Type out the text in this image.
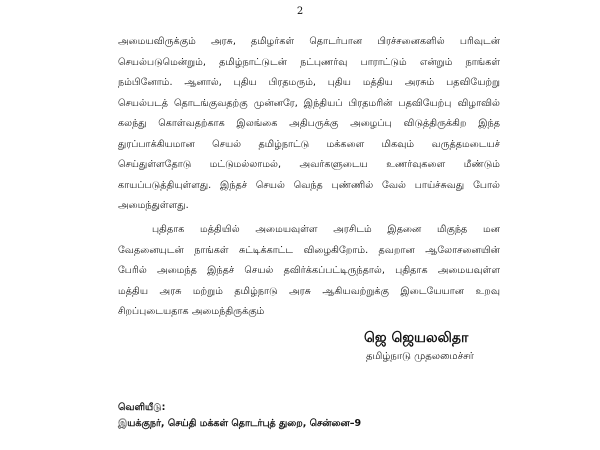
2
அமையவிருக்கும் அரசு, தமிழர்கள் தொடர்பான பிரச்சனைகளில் பரிவுடன்
செயல்படுமென்றும், தமிழ்நாட்டுடன் நட்புணர்வு பாராட்டும் என்றும் நாங்கள்
நம்பினோம். ஆனால், புதிய பிரதமரும், புதிய மத்திய அரசும் பதவியேற்று
செயல்படத் தொடங்குவதற்கு முன்னரே, இந்தியப் பிரதமரின் பதவியேற்பு விழாவில்
கலந்து கொள்வதற்காக இலங்கை அதிபருக்கு அழைப்பு விடுத்திருக்கிற இந்த
துரப்பாக்கியமான செயல் தமிழ்நாட்டு மக்களை மிகவும் வருத்தமடையச்
செய்துள்ளதோடு மட்டுமல்லாமல், அவர்களுடைய உணர்வுகளை மீண்டும்
காயப்படுத்தியுள்ளது. இந்தச் செயல் வெந்த புண்ணில் வேல் பாய்ச்சுவது போல்
அமைந்துள்ளது.
புதிதாக மத்தியில் அமையவுள்ள அரசிடம் இதனை மிகுந்த மன
வேதனையுடன் நாங்கள் சுட்டிக்காட்ட விழைகிறோம். தவறான ஆலோசனையின்
பேரில் அமைந்த இந்தச் செயல் தவிர்க்கப்பட்டிருந்தால், புதிதாக அமையவுள்ள
மத்திய அரசு மற்றும் தமிழ்நாடு அரசு ஆகியவற்றுக்கு இடையேயான உறவு
சிறப்புடையதாக அமைந்திருக்கும்
ஜெ ஜெயலலிதா
தமிழ்நாடு முதலமைச்சர்
வெளியீடு:
இயக்குநர், செய்தி மக்கள் தொடர்புத் துறை, சென்னை–9
